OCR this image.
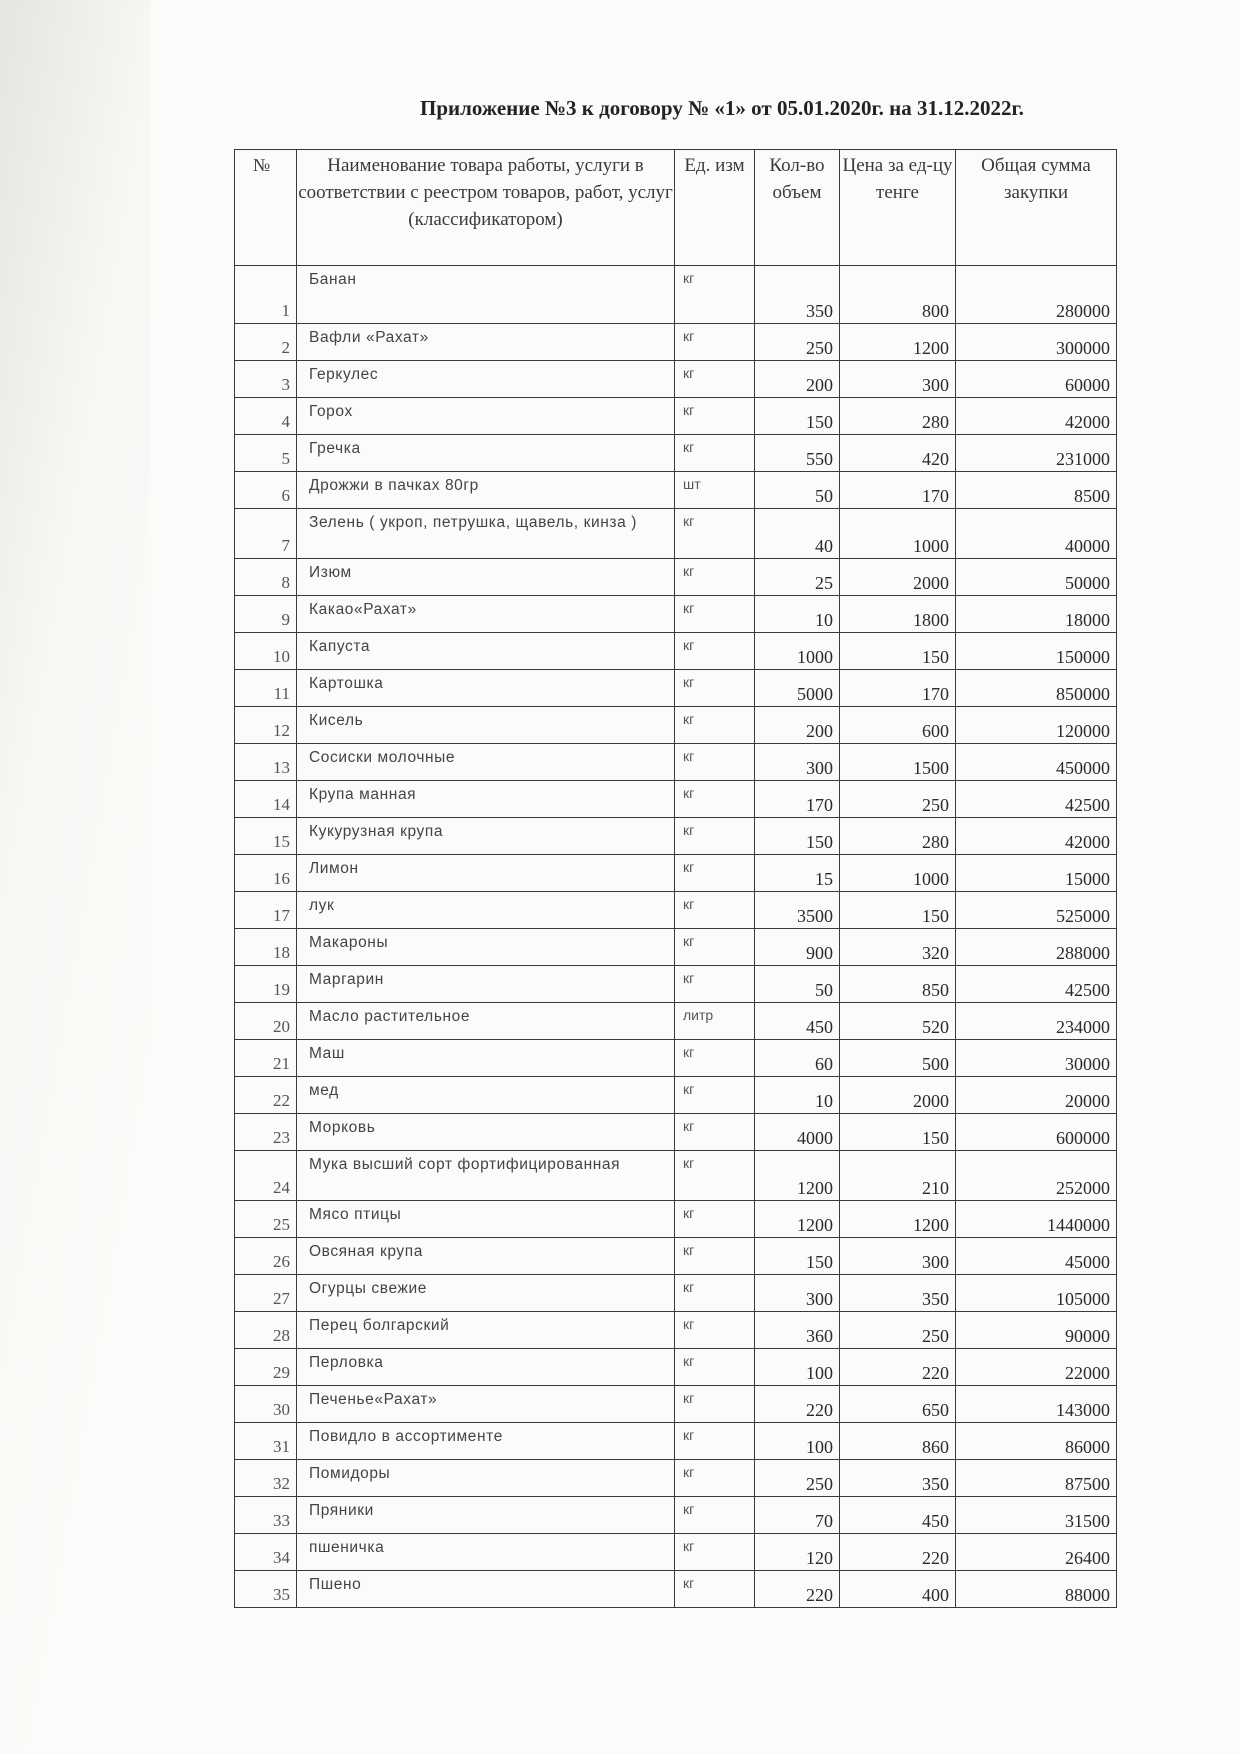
Приложение №3 к договору № «1» от 05.01.2020г. на 31.12.2022г.
№	Наименование товара работы, услуги в соответствии с реестром товаров, работ, услуг (классификатором)	Ед. изм	Кол-во объем	Цена за ед-цу тенге	Общая сумма закупки
1	Банан	кг	350	800	280000
2	Вафли «Рахат»	кг	250	1200	300000
3	Геркулес	кг	200	300	60000
4	Горох	кг	150	280	42000
5	Гречка	кг	550	420	231000
6	Дрожжи в пачках 80гр	шт	50	170	8500
7	Зелень ( укроп, петрушка, щавель, кинза )	кг	40	1000	40000
8	Изюм	кг	25	2000	50000
9	Какао«Рахат»	кг	10	1800	18000
10	Капуста	кг	1000	150	150000
11	Картошка	кг	5000	170	850000
12	Кисель	кг	200	600	120000
13	Сосиски молочные	кг	300	1500	450000
14	Крупа манная	кг	170	250	42500
15	Кукурузная крупа	кг	150	280	42000
16	Лимон	кг	15	1000	15000
17	лук	кг	3500	150	525000
18	Макароны	кг	900	320	288000
19	Маргарин	кг	50	850	42500
20	Масло растительное	литр	450	520	234000
21	Маш	кг	60	500	30000
22	мед	кг	10	2000	20000
23	Морковь	кг	4000	150	600000
24	Мука высший сорт фортифицированная	кг	1200	210	252000
25	Мясо птицы	кг	1200	1200	1440000
26	Овсяная крупа	кг	150	300	45000
27	Огурцы свежие	кг	300	350	105000
28	Перец болгарский	кг	360	250	90000
29	Перловка	кг	100	220	22000
30	Печенье«Рахат»	кг	220	650	143000
31	Повидло в ассортименте	кг	100	860	86000
32	Помидоры	кг	250	350	87500
33	Пряники	кг	70	450	31500
34	пшеничка	кг	120	220	26400
35	Пшено	кг	220	400	88000
